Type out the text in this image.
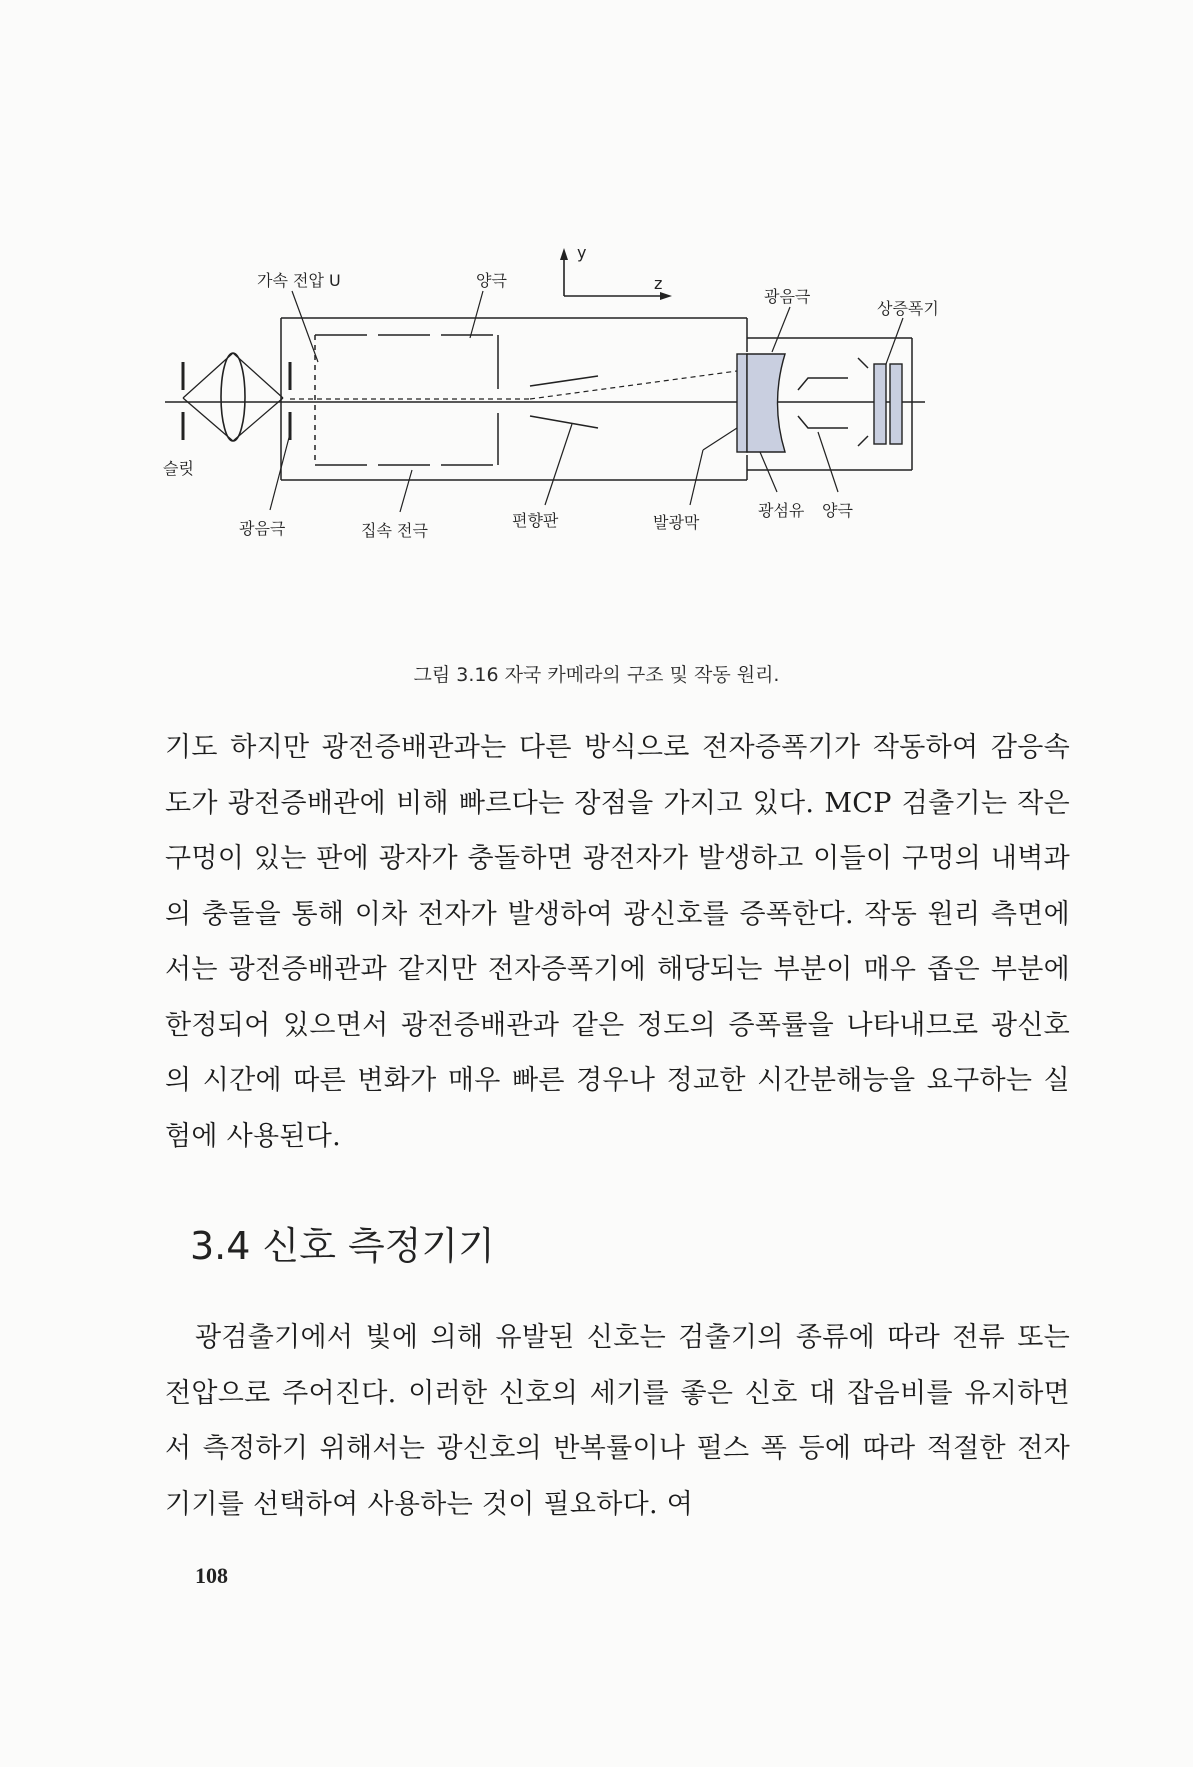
가속 전압 U	양극
y
z
광음극
상증폭기
슬릿
광음극	집속 전극
편향판	발광막
광섬유 양극
그림 3.16 자국 카메라의 구조 및 작동 원리.
기도 하지만 광전증배관과는 다른 방식으로 전자증폭기가 작동하여 감응속도가 광전증배관에 비해 빠르다는 장점을 가지고 있다. MCP 검출기는 작은 구멍이 있는 판에 광자가 충돌하면 광전자가 발생하고 이들이 구멍의 내벽과의 충돌을 통해 이차 전자가 발생하여 광신호를 증폭한다. 작동 원리 측면에서는 광전증배관과 같지만 전자증폭기에 해당되는 부분이 매우 좁은 부분에 한정되어 있으면서 광전증배관과 같은 정도의 증폭률을 나타내므로 광신호의 시간에 따른 변화가 매우 빠른 경우나 정교한 시간분해능을 요구하는 실험에 사용된다.
3.4 신호 측정기기
광검출기에서 빛에 의해 유발된 신호는 검출기의 종류에 따라 전류 또는 전압으로 주어진다. 이러한 신호의 세기를 좋은 신호 대 잡음비를 유지하면서 측정하기 위해서는 광신호의 반복률이나 펄스 폭 등에 따라 적절한 전자기기를 선택하여 사용하는 것이 필요하다. 여
108
